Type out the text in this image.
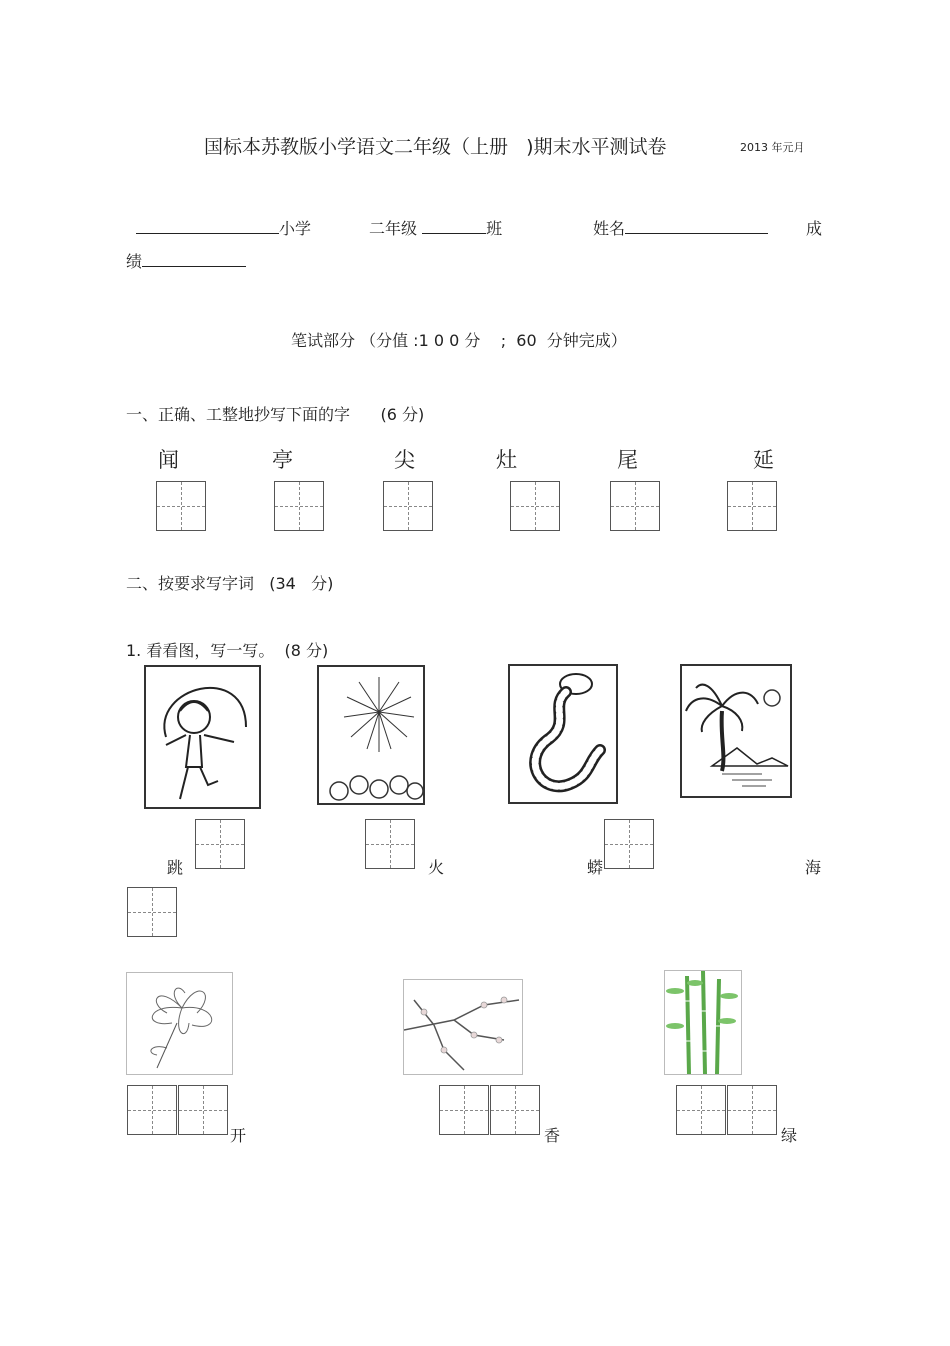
国标本苏教版小学语文二年级（上册   )期末水平测试卷	2013 年元月
小学	二年级	班	姓名	成
绩
笔试部分 （分值 :1 0 0 分    ;  60  分钟完成）
一、正确、工整地抄写下面的字      (6 分)
闻	亭	尖	灶	尾	延
二、按要求写字词   (34   分)
1. 看看图，写一写。  (8 分)
跳	火	蟒	海
开	香	绿
